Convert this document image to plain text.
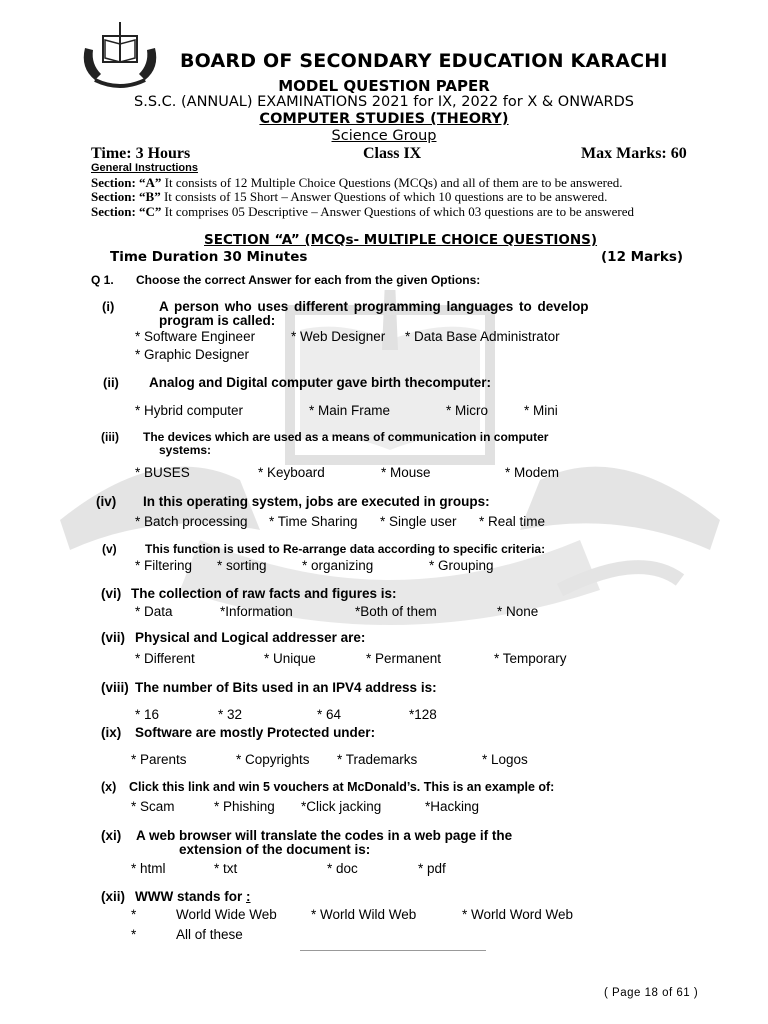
BOARD OF SECONDARY EDUCATION KARACHI
MODEL QUESTION PAPER
S.S.C. (ANNUAL) EXAMINATIONS 2021 for IX, 2022 for X & ONWARDS
COMPUTER STUDIES (THEORY)
Science Group
Time: 3 Hours	Class IX	Max Marks: 60
General Instructions
Section: “A” It consists of 12 Multiple Choice Questions (MCQs) and all of them are to be answered.
Section: “B” It consists of 15 Short – Answer Questions of which 10 questions are to be answered.
Section: “C” It comprises 05 Descriptive – Answer Questions of which 03 questions are to be answered
SECTION “A” (MCQs- MULTIPLE CHOICE QUESTIONS)
Time Duration 30 Minutes	(12 Marks)
Q 1. Choose the correct Answer for each from the given Options:
(i)	A person who uses different programming languages to develop
program is called:
* Software Engineer	* Web Designer * Data Base Administrator
* Graphic Designer
(ii) Analog and Digital computer gave birth thecomputer:
* Hybrid computer	* Main Frame	* Micro	* Mini
(iii) The devices which are used as a means of communication in computer
systems:
* BUSES	* Keyboard	* Mouse	* Modem
(iv) In this operating system, jobs are executed in groups:
* Batch processing * Time Sharing * Single user * Real time
(v) This function is used to Re-arrange data according to specific criteria:
* Filtering * sorting	* organizing	* Grouping
(vi) The collection of raw facts and figures is:
* Data	*Information	*Both of them	* None
(vii) Physical and Logical addresser are:
* Different	* Unique	* Permanent	* Temporary
(viii) The number of Bits used in an IPV4 address is:
* 16	* 32	* 64	*128
(ix) Software are mostly Protected under:
* Parents	* Copyrights * Trademarks	* Logos
(x) Click this link and win 5 vouchers at McDonald’s. This is an example of:
* Scam	* Phishing *Click jacking	*Hacking
(xi) A web browser will translate the codes in a web page if the
extension of the document is:
* html	* txt	* doc	* pdf
(xii) WWW stands for :
*	World Wide Web	* World Wild Web	* World Word Web
*	All of these
( Page 18 of 61 )
